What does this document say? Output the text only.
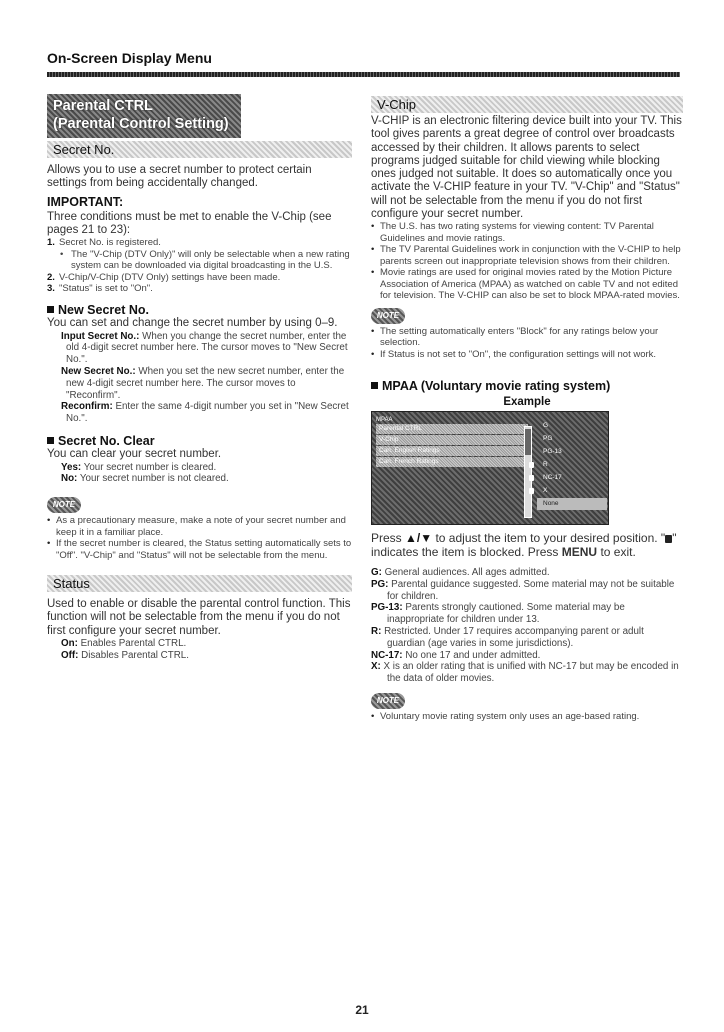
On-Screen Display Menu
Parental CTRL
(Parental Control Setting)
Secret No.

Allows you to use a secret number to protect certain settings from being accidentally changed.

IMPORTANT:

Three conditions must be met to enable the V-Chip (see pages 21 to 23):

1. Secret No. is registered.
• The "V-Chip (DTV Only)" will only be selectable when a new rating system can be downloaded via digital broadcasting in the U.S.
2. V-Chip/V-Chip (DTV Only) settings have been made.
3. "Status" is set to "On".
New Secret No.

You can set and change the secret number by using 0–9.

Input Secret No.: When you change the secret number, enter the old 4-digit secret number here. The cursor moves to "New Secret No.".
New Secret No.: When you set the new secret number, enter the new 4-digit secret number here. The cursor moves to "Reconfirm".
Reconfirm: Enter the same 4-digit number you set in "New Secret No.".
Secret No. Clear

You can clear your secret number.

Yes: Your secret number is cleared.
No: Your secret number is not cleared.
NOTE
• As a precautionary measure, make a note of your secret number and keep it in a familiar place.
• If the secret number is cleared, the Status setting automatically sets to "Off". "V-Chip" and "Status" will not be selectable from the menu.
Status

Used to enable or disable the parental control function. This function will not be selectable from the menu if you do not first configure your secret number.

On: Enables Parental CTRL.
Off: Disables Parental CTRL.
V-Chip

V-CHIP is an electronic filtering device built into your TV. This tool gives parents a great degree of control over broadcasts accessed by their children. It allows parents to select programs judged suitable for child viewing while blocking ones judged not suitable. It does so automatically once you activate the V-CHIP feature in your TV. "V-Chip" and "Status" will not be selectable from the menu if you do not first configure your secret number.

• The U.S. has two rating systems for viewing content: TV Parental Guidelines and movie ratings.
• The TV Parental Guidelines work in conjunction with the V-CHIP to help parents screen out inappropriate television shows from their children.
• Movie ratings are used for original movies rated by the Motion Picture Association of America (MPAA) as watched on cable TV and not edited for television. The V-CHIP can also be set to block MPAA-rated movies.
NOTE
• The setting automatically enters "Block" for any ratings below your selection.
• If Status is not set to "On", the configuration settings will not work.
MPAA (Voluntary movie rating system)
Example
MPAA
Parental CTRL
V-Chip
Can. English Ratings
Can. French Ratings
G
PG
PG-13
R
NC-17
X
None

Press ▲/▼ to adjust the item to your desired position. " " indicates the item is blocked. Press MENU to exit.

G: General audiences. All ages admitted.
PG: Parental guidance suggested. Some material may not be suitable for children.
PG-13: Parents strongly cautioned. Some material may be inappropriate for children under 13.
R: Restricted. Under 17 requires accompanying parent or adult guardian (age varies in some jurisdictions).
NC-17: No one 17 and under admitted.
X: X is an older rating that is unified with NC-17 but may be encoded in the data of older movies.
NOTE
• Voluntary movie rating system only uses an age-based rating.
21
